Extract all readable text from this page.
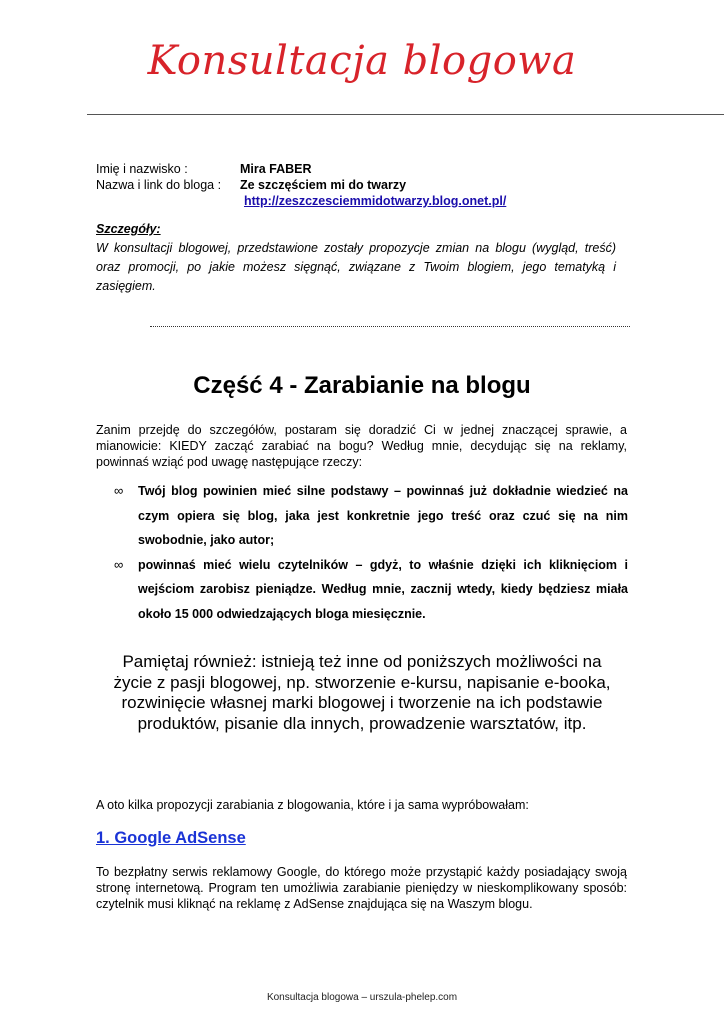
Konsultacja blogowa
Imię i nazwisko :	Mira FABER
Nazwa i link do bloga : Ze szczęściem mi do twarzy
http://zeszczesciemmidotwarzy.blog.onet.pl/
Szczegóły:
W konsultacji blogowej, przedstawione zostały propozycje zmian na blogu (wygląd, treść) oraz promocji, po jakie możesz sięgnąć, związane z Twoim blogiem, jego tematyką i zasięgiem.
Część 4 - Zarabianie na blogu
Zanim przejdę do szczegółów, postaram się doradzić Ci w jednej znaczącej sprawie, a mianowicie: KIEDY zacząć zarabiać na bogu? Według mnie, decydując się na reklamy, powinnaś wziąć pod uwagę następujące rzeczy:
∞ Twój blog powinien mieć silne podstawy – powinnaś już dokładnie wiedzieć na czym opiera się blog, jaka jest konkretnie jego treść oraz czuć się na nim swobodnie, jako autor;
∞ powinnaś mieć wielu czytelników – gdyż, to właśnie dzięki ich kliknięciom i wejściom zarobisz pieniądze. Według mnie, zacznij wtedy, kiedy będziesz miała około 15 000 odwiedzających bloga miesięcznie.
Pamiętaj również: istnieją też inne od poniższych możliwości na życie z pasji blogowej, np. stworzenie e-kursu, napisanie e-booka, rozwinięcie własnej marki blogowej i tworzenie na ich podstawie produktów, pisanie dla innych, prowadzenie warsztatów, itp.
A oto kilka propozycji zarabiania z blogowania, które i ja sama wypróbowałam:
1. Google AdSense
To bezpłatny serwis reklamowy Google, do którego może przystąpić każdy posiadający swoją stronę internetową. Program ten umożliwia zarabianie pieniędzy w nieskomplikowany sposób: czytelnik musi kliknąć na reklamę z AdSense znajdująca się na Waszym blogu.
Konsultacja blogowa – urszula-phelep.com
